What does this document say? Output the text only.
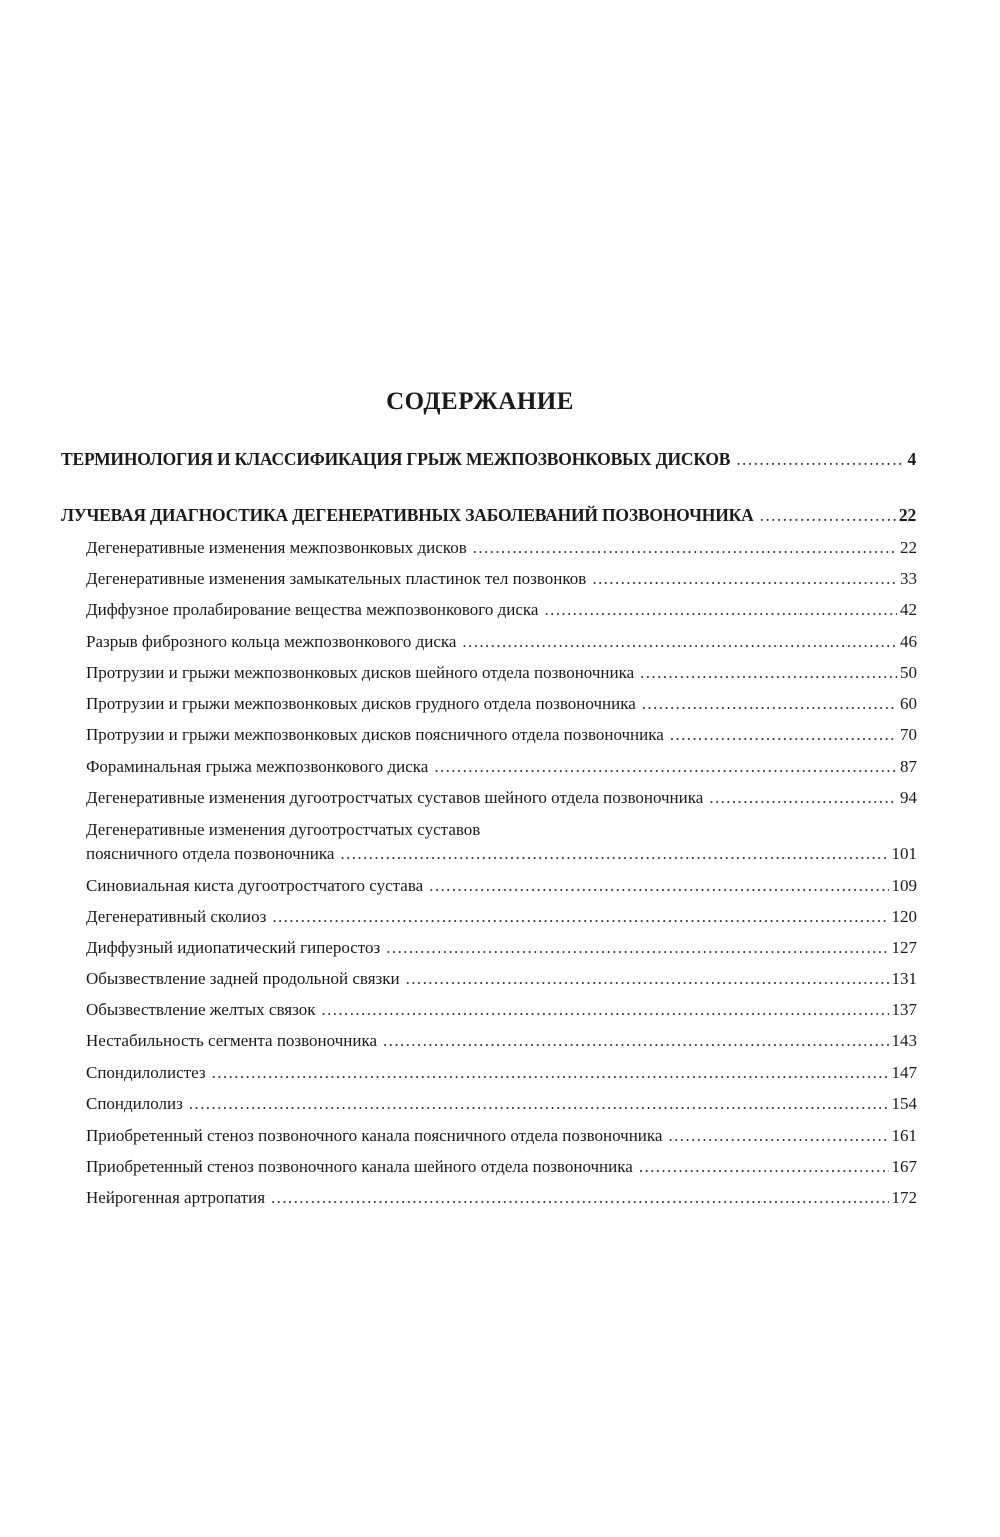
СОДЕРЖАНИЕ
ТЕРМИНОЛОГИЯ И КЛАССИФИКАЦИЯ ГРЫЖ МЕЖПОЗВОНКОВЫХ ДИСКОВ .....	4
ЛУЧЕВАЯ ДИАГНОСТИКА ДЕГЕНЕРАТИВНЫХ ЗАБОЛЕВАНИЙ ПОЗВОНОЧНИКА .....	22
Дегенеративные изменения межпозвонковых дисков .....	22
Дегенеративные изменения замыкательных пластинок тел позвонков .....	33
Диффузное пролабирование вещества межпозвонкового диска .....	42
Разрыв фиброзного кольца межпозвонкового диска .....	46
Протрузии и грыжи межпозвонковых дисков шейного отдела позвоночника .....	50
Протрузии и грыжи межпозвонковых дисков грудного отдела позвоночника .....	60
Протрузии и грыжи межпозвонковых дисков поясничного отдела позвоночника .....	70
Фораминальная грыжа межпозвонкового диска .....	87
Дегенеративные изменения дугоотростчатых суставов шейного отдела позвоночника .....	94
Дегенеративные изменения дугоотростчатых суставов
поясничного отдела позвоночника .....	101
Синовиальная киста дугоотростчатого сустава .....	109
Дегенеративный сколиоз .....	120
Диффузный идиопатический гиперостоз .....	127
Обызвествление задней продольной связки .....	131
Обызвествление желтых связок .....	137
Нестабильность сегмента позвоночника .....	143
Спондилолистез .....	147
Спондилолиз .....	154
Приобретенный стеноз позвоночного канала поясничного отдела позвоночника .....	161
Приобретенный стеноз позвоночного канала шейного отдела позвоночника .....	167
Нейрогенная артропатия .....	172
